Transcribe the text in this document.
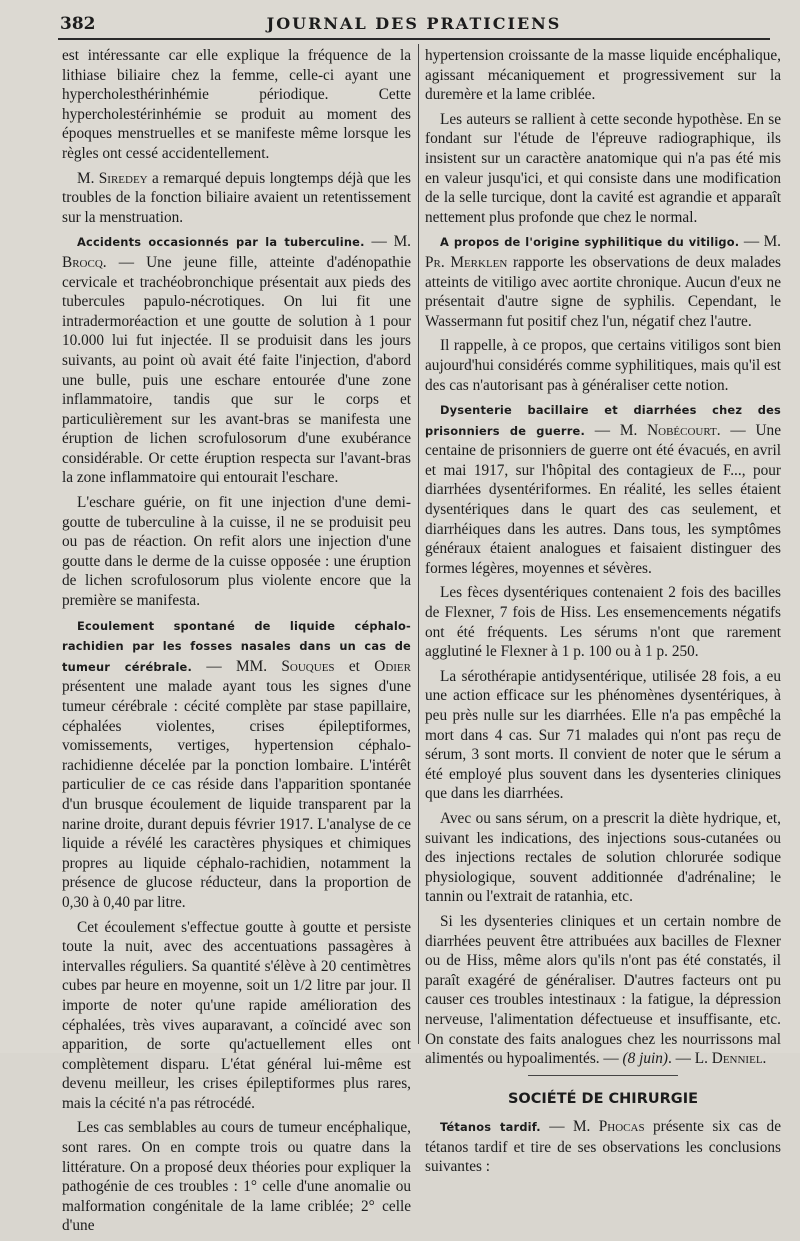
382	JOURNAL DES PRATICIENS

est intéressante car elle explique la fréquence de la lithiase biliaire chez la femme, celle-ci ayant une hypercholesthérinhémie périodique. Cette hypercholestérinhémie se produit au moment des époques menstruelles et se manifeste même lorsque les règles ont cessé accidentellement.

M. Siredey a remarqué depuis longtemps déjà que les troubles de la fonction biliaire avaient un retentissement sur la menstruation.

Accidents occasionnés par la tuberculine. — M. Brocq. — Une jeune fille, atteinte d'adénopathie cervicale et trachéobronchique présentait aux pieds des tubercules papulo-nécrotiques. On lui fit une intradermoréaction et une goutte de solution à 1 pour 10.000 lui fut injectée. Il se produisit dans les jours suivants, au point où avait été faite l'injection, d'abord une bulle, puis une eschare entourée d'une zone inflammatoire, tandis que sur le corps et particulièrement sur les avant-bras se manifesta une éruption de lichen scrofulosorum d'une exubérance considérable. Or cette éruption respecta sur l'avant-bras la zone inflammatoire qui entourait l'eschare.

L'eschare guérie, on fit une injection d'une demi-goutte de tuberculine à la cuisse, il ne se produisit peu ou pas de réaction. On refit alors une injection d'une goutte dans le derme de la cuisse opposée : une éruption de lichen scrofulosorum plus violente encore que la première se manifesta.

Ecoulement spontané de liquide céphalo-rachidien par les fosses nasales dans un cas de tumeur cérébrale. — MM. Souques et Odier présentent une malade ayant tous les signes d'une tumeur cérébrale : cécité complète par stase papillaire, céphalées violentes, crises épileptiformes, vomissements, vertiges, hypertension céphalo-rachidienne décelée par la ponction lombaire. L'intérêt particulier de ce cas réside dans l'apparition spontanée d'un brusque écoulement de liquide transparent par la narine droite, durant depuis février 1917. L'analyse de ce liquide a révélé les caractères physiques et chimiques propres au liquide céphalo-rachidien, notamment la présence de glucose réducteur, dans la proportion de 0,30 à 0,40 par litre.

Cet écoulement s'effectue goutte à goutte et persiste toute la nuit, avec des accentuations passagères à intervalles réguliers. Sa quantité s'élève à 20 centimètres cubes par heure en moyenne, soit un 1/2 litre par jour. Il importe de noter qu'une rapide amélioration des céphalées, très vives auparavant, a coïncidé avec son apparition, de sorte qu'actuellement elles ont complètement disparu. L'état général lui-même est devenu meilleur, les crises épileptiformes plus rares, mais la cécité n'a pas rétrocédé.

Les cas semblables au cours de tumeur encéphalique, sont rares. On en compte trois ou quatre dans la littérature. On a proposé deux théories pour expliquer la pathogénie de ces troubles : 1° celle d'une anomalie ou malformation congénitale de la lame criblée; 2° celle d'une

hypertension croissante de la masse liquide encéphalique, agissant mécaniquement et progressivement sur la duremère et la lame criblée.

Les auteurs se rallient à cette seconde hypothèse. En se fondant sur l'étude de l'épreuve radiographique, ils insistent sur un caractère anatomique qui n'a pas été mis en valeur jusqu'ici, et qui consiste dans une modification de la selle turcique, dont la cavité est agrandie et apparaît nettement plus profonde que chez le normal.

A propos de l'origine syphilitique du vitiligo. — M. Pr. Merklen rapporte les observations de deux malades atteints de vitiligo avec aortite chronique. Aucun d'eux ne présentait d'autre signe de syphilis. Cependant, le Wassermann fut positif chez l'un, négatif chez l'autre.

Il rappelle, à ce propos, que certains vitiligos sont bien aujourd'hui considérés comme syphilitiques, mais qu'il est des cas n'autorisant pas à généraliser cette notion.

Dysenterie bacillaire et diarrhées chez des prisonniers de guerre. — M. Nobécourt. — Une centaine de prisonniers de guerre ont été évacués, en avril et mai 1917, sur l'hôpital des contagieux de F..., pour diarrhées dysentériformes. En réalité, les selles étaient dysentériques dans le quart des cas seulement, et diarrhéiques dans les autres. Dans tous, les symptômes généraux étaient analogues et faisaient distinguer des formes légères, moyennes et sévères.

Les fèces dysentériques contenaient 2 fois des bacilles de Flexner, 7 fois de Hiss. Les ensemencements négatifs ont été fréquents. Les sérums n'ont que rarement agglutiné le Flexner à 1 p. 100 ou à 1 p. 250.

La sérothérapie antidysentérique, utilisée 28 fois, a eu une action efficace sur les phénomènes dysentériques, à peu près nulle sur les diarrhées. Elle n'a pas empêché la mort dans 4 cas. Sur 71 malades qui n'ont pas reçu de sérum, 3 sont morts. Il convient de noter que le sérum a été employé plus souvent dans les dysenteries cliniques que dans les diarrhées.

Avec ou sans sérum, on a prescrit la diète hydrique, et, suivant les indications, des injections sous-cutanées ou des injections rectales de solution chlorurée sodique physiologique, souvent additionnée d'adrénaline; le tannin ou l'extrait de ratanhia, etc.

Si les dysenteries cliniques et un certain nombre de diarrhées peuvent être attribuées aux bacilles de Flexner ou de Hiss, même alors qu'ils n'ont pas été constatés, il paraît exagéré de généraliser. D'autres facteurs ont pu causer ces troubles intestinaux : la fatigue, la dépression nerveuse, l'alimentation défectueuse et insuffisante, etc. On constate des faits analogues chez les nourrissons mal alimentés ou hypoalimentés. — (8 juin). — L. Denniel.

SOCIÉTÉ DE CHIRURGIE

Tétanos tardif. — M. Phocas présente six cas de tétanos tardif et tire de ses observations les conclusions suivantes :
